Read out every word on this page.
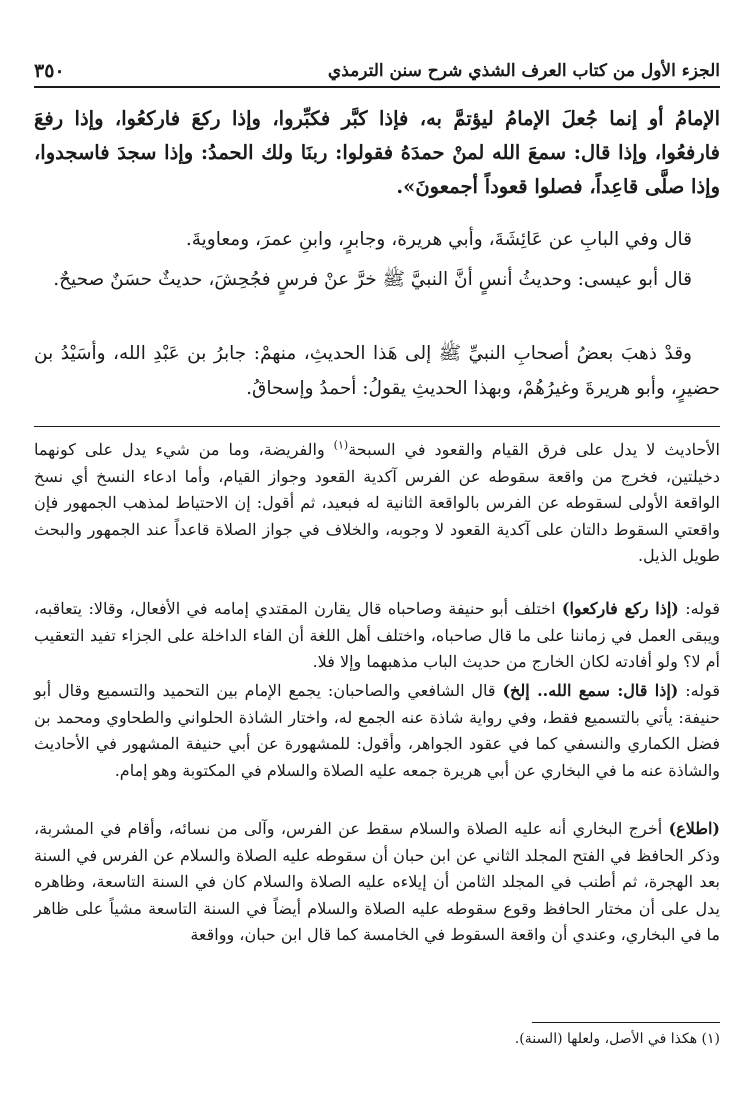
الجزء الأول من كتاب العرف الشذي شرح سنن الترمذي
٣٥٠

الإمامُ أو إنما جُعلَ الإمامُ ليؤتمَّ به، فإذا كبَّر فكبِّروا، وإذا ركعَ فاركعُوا، وإذا رفعَ فارفعُوا، وإذا قال: سمعَ الله لمنْ حمدَهُ فقولوا: ربنَا ولك الحمدُ: وإذا سجدَ فاسجدوا، وإذا صلَّى قاعِداً، فصلوا قعوداً أجمعونَ».

قال وفي البابِ عن عَائِشَةَ، وأبي هريرة، وجابرٍ، وابنِ عمرَ، ومعاويةَ.

قال أبو عيسى: وحديثُ أنسٍ أنَّ النبيَّ ﷺ خرَّ عنْ فرسٍ فجُحِشَ، حديثٌ حسَنٌ صحيحٌ.

وقدْ ذهبَ بعضُ أصحابِ النبيِّ ﷺ إلى هَذا الحديثِ، منهمْ: جابرُ بن عَبْدِ الله، وأسَيْدُ بن حضيرٍ، وأبو هريرةَ وغيرُهُمْ، وبهذا الحديثِ يقولُ: أحمدُ وإسحاقُ.

الأحاديث لا يدل على فرق القيام والقعود في السبحة$^{(١)}$ والفريضة، وما من شيء يدل على كونهما دخيلتين، فخرج من واقعة سقوطه عن الفرس آكدية القعود وجواز القيام، وأما ادعاء النسخ أي نسخ الواقعة الأولى لسقوطه عن الفرس بالواقعة الثانية له فبعيد، ثم أقول: إن الاحتياط لمذهب الجمهور فإن واقعتي السقوط دالتان على آكدية القعود لا وجوبه، والخلاف في جواز الصلاة قاعداً عند الجمهور والبحث طويل الذيل.

قوله: (إذا ركع فاركعوا) اختلف أبو حنيفة وصاحباه قال يقارن المقتدي إمامه في الأفعال، وقالا: يتعاقبه، ويبقى العمل في زماننا على ما قال صاحباه، واختلف أهل اللغة أن الفاء الداخلة على الجزاء تفيد التعقيب أم لا؟ ولو أفادته لكان الخارج من حديث الباب مذهبهما وإلا فلا.

قوله: (إذا قال: سمع الله.. إلخ) قال الشافعي والصاحبان: يجمع الإمام بين التحميد والتسميع وقال أبو حنيفة: يأتي بالتسميع فقط، وفي رواية شاذة عنه الجمع له، واختار الشاذة الحلواني والطحاوي ومحمد بن فضل الكماري والنسفي كما في عقود الجواهر، وأقول: للمشهورة عن أبي حنيفة المشهور في الأحاديث والشاذة عنه ما في البخاري عن أبي هريرة جمعه عليه الصلاة والسلام في المكتوبة وهو إمام.

(اطلاع) أخرج البخاري أنه عليه الصلاة والسلام سقط عن الفرس، وآلى من نسائه، وأقام في المشربة، وذكر الحافظ في الفتح المجلد الثاني عن ابن حبان أن سقوطه عليه الصلاة والسلام عن الفرس في السنة بعد الهجرة، ثم أطنب في المجلد الثامن أن إيلاءه عليه الصلاة والسلام كان في السنة التاسعة، وظاهره يدل على أن مختار الحافظ وقوع سقوطه عليه الصلاة والسلام أيضاً في السنة التاسعة مشياً على ظاهر ما في البخاري، وعندي أن واقعة السقوط في الخامسة كما قال ابن حبان، وواقعة

(١) هكذا في الأصل، ولعلها (السنة).
